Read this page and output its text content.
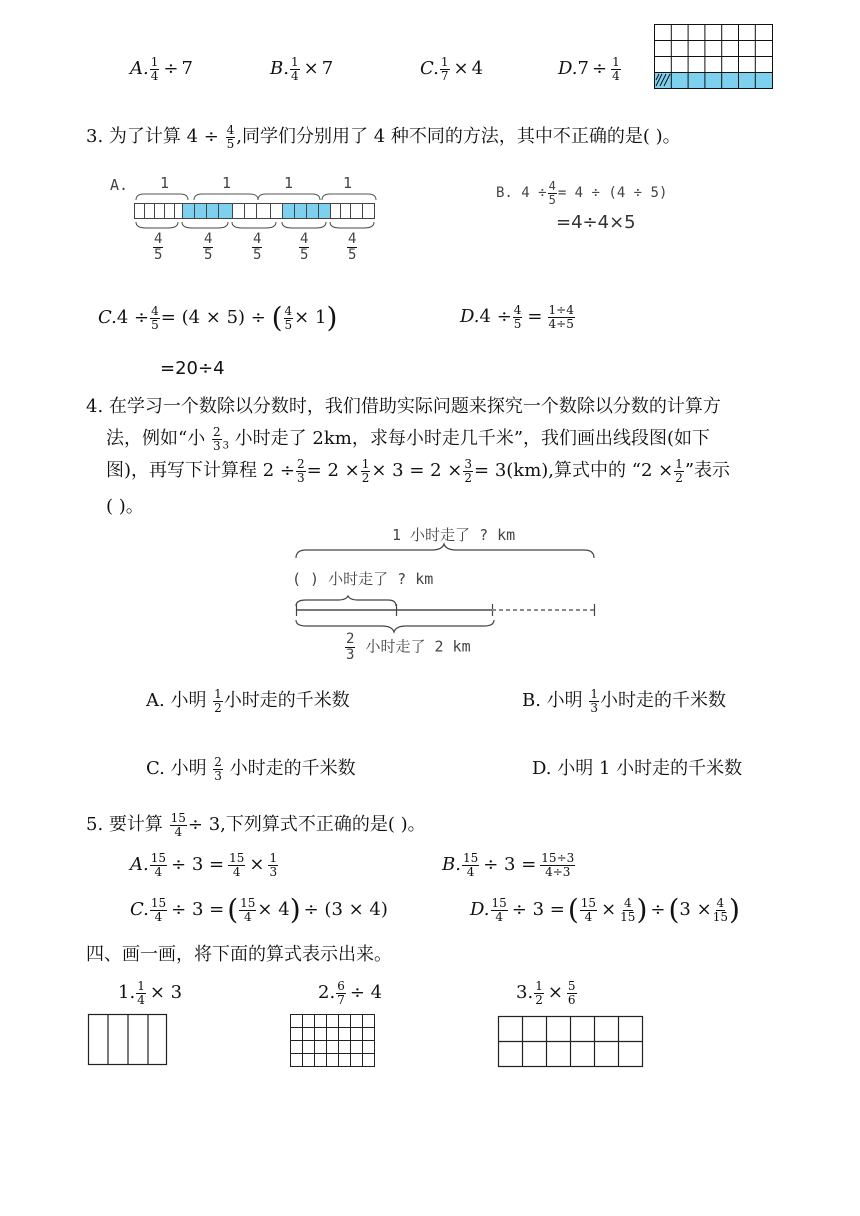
A. $\frac{1}{4} \div 7$	B. $\frac{1}{4} \times 7$	C. $\frac{1}{7} \times 4$	$D.7 \div \frac{1}{4}$
3. 为了计算 $4 \div \frac{4}{5}$ ,同学们分别用了 4 种不同的方法，其中不正确的是( )。
A. 1	1	1	1
$\frac{4}{5}$	$\frac{4}{5}$	$\frac{4}{5}$	$\frac{4}{5}$	$\frac{4}{5}$
B. $4 \div \frac{4}{5} = 4 \div (4 \div 5)$
=4÷4×5
$C.4 \div \frac{4}{5} = (4 \times 5)$ ÷ ( $\frac{4}{5} \times 1$)
=20÷4
$D.4 \div \frac{4}{5} = \frac{1\div 4}{4\div 5}$
4. 在学习一个数除以分数时，我们借助实际问题来探究一个数除以分数的计算方
法，例如“小 $\frac{2}{3} _3$ 小时走了 2km，求每小时走几千米”，我们画出线段图(如下
图)，再写下计算程 $2 \div \frac{2}{3} = 2 \times \frac{1}{2} \times 3 = 2 \times \frac{3}{2} = 3(km)$,算式中的 “$2 \times \frac{1}{2}$ ”表示
( )。
1 小时走了 ? km
( ) 小时走了 ? km
$\frac{2}{3}$ 小时走了 2 km
A. 小明 $\frac{1}{2}$ 小时走的千米数	B. 小明 $\frac{1}{3}$ 小时走的千米数
C. 小明 $\frac{2}{3}$ 小时走的千米数	D. 小明 1 小时走的千米数
5. 要计算 $\frac{15}{4} \div 3$,下列算式不正确的是( )。
A. $\frac{15}{4} \div 3 = \frac{15}{4} \times \frac{1}{3}$	B. $\frac{15}{4} \div 3 = \frac{15\div 3}{4\div 3}$
C. $\frac{15}{4} \div 3$ = ( $\frac{15}{4} \times 4) \div (3 \times 4)$	D. $\frac{15}{4} \div 3$ = ( $\frac{15}{4} \times \frac{4}{15}$ ) ÷ ($3 \times \frac{4}{15}$ )
四、画一画，将下面的算式表示出来。
1. $\frac{1}{4} \times 3$	2. $\frac{6}{7} \div 4$	3. $\frac{1}{2} \times \frac{5}{6}$
